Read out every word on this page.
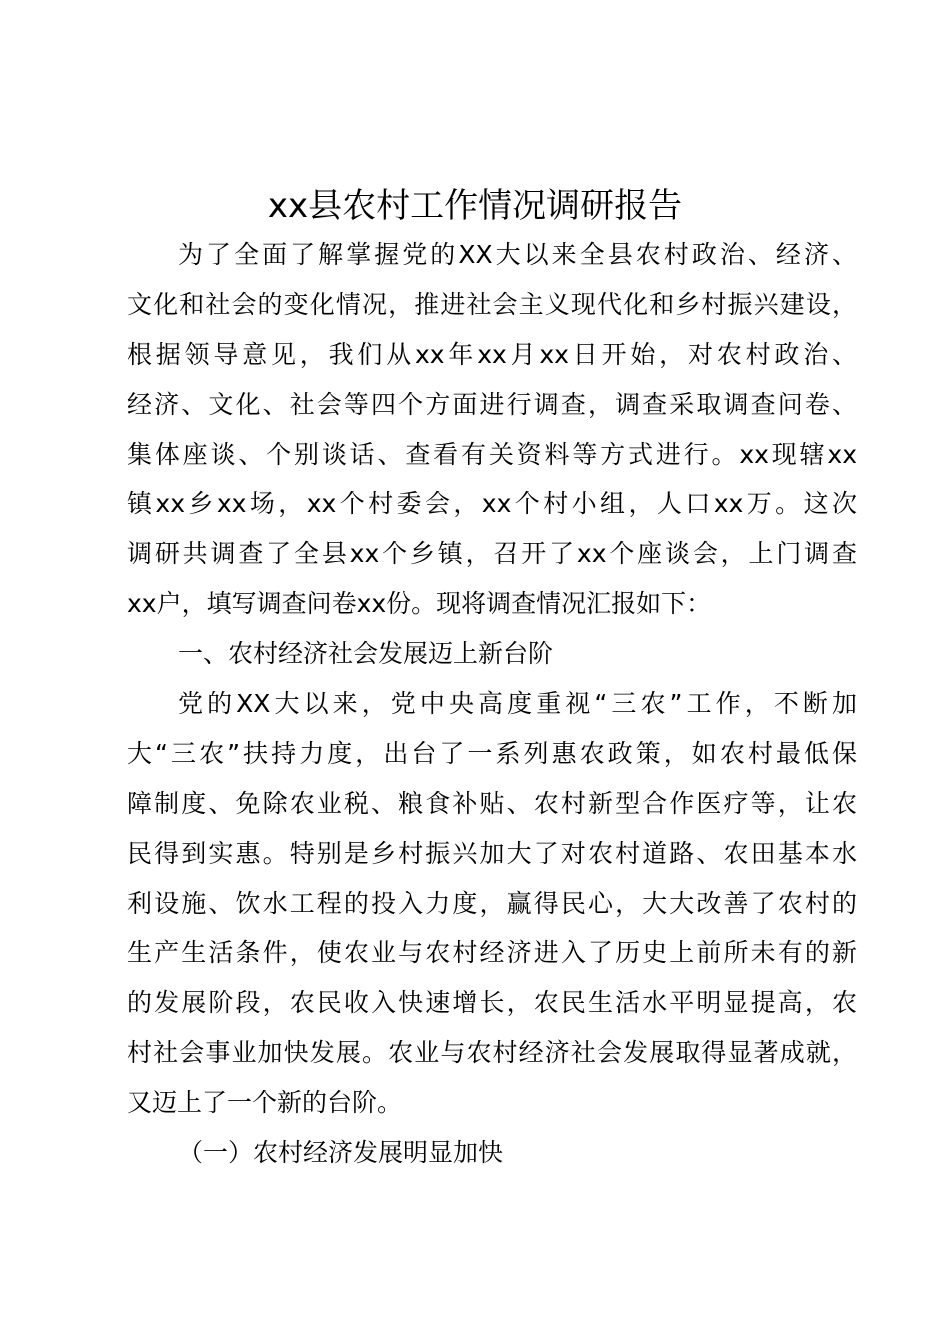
xx县农村工作情况调研报告
为了全面了解掌握党的XX大以来全县农村政治、经济、
文化和社会的变化情况，推进社会主义现代化和乡村振兴建设，
根据领导意见，我们从xx年xx月xx日开始，对农村政治、
经济、文化、社会等四个方面进行调查，调查采取调查问卷、
集体座谈、个别谈话、查看有关资料等方式进行。xx现辖xx
镇xx乡xx场，xx个村委会，xx个村小组，人口xx万。这次
调研共调查了全县xx个乡镇，召开了xx个座谈会，上门调查
xx户，填写调查问卷xx份。现将调查情况汇报如下：
一、农村经济社会发展迈上新台阶
党的XX大以来，党中央高度重视“三农”工作，不断加
大“三农”扶持力度，出台了一系列惠农政策，如农村最低保
障制度、免除农业税、粮食补贴、农村新型合作医疗等，让农
民得到实惠。特别是乡村振兴加大了对农村道路、农田基本水
利设施、饮水工程的投入力度，赢得民心，大大改善了农村的
生产生活条件，使农业与农村经济进入了历史上前所未有的新
的发展阶段，农民收入快速增长，农民生活水平明显提高，农
村社会事业加快发展。农业与农村经济社会发展取得显著成就，
又迈上了一个新的台阶。
（一）农村经济发展明显加快
